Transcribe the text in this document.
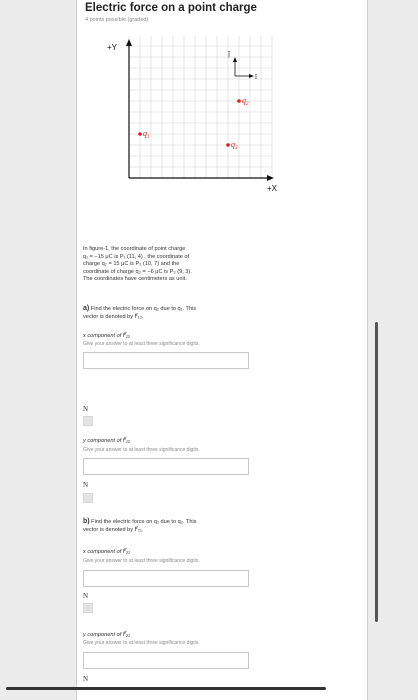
Electric force on a point charge
4 points possible (graded)
+Y
+X
ĵ
î
$q_1$
$q_2$
$q_3$
In figure-1, the coordinate of point charge
q₁ = −15 μC is P₁ (11, 4) , the coordinate of
charge q₂ = 15 μC is P₂ (10, 7) and the
coordinate of charge q₃ = −6 μC is P₃ (9, 3).
The coordinates have centimeters as unit.
a) Find the electric force on q₂ due to q₁. This
vector is denoted by F⃗₁₂.
x component of F⃗₁₂
Give your answer to at least three significance digits.
N
y component of F⃗₁₂
Give your answer to at least three significance digits.
N
b) Find the electric force on q₁ due to q₂. This
vector is denoted by F⃗₂₁.
x component of F⃗₂₁
Give your answer to at least three significance digits.
N
y component of F⃗₂₁
Give your answer to at least three significance digits.
N
